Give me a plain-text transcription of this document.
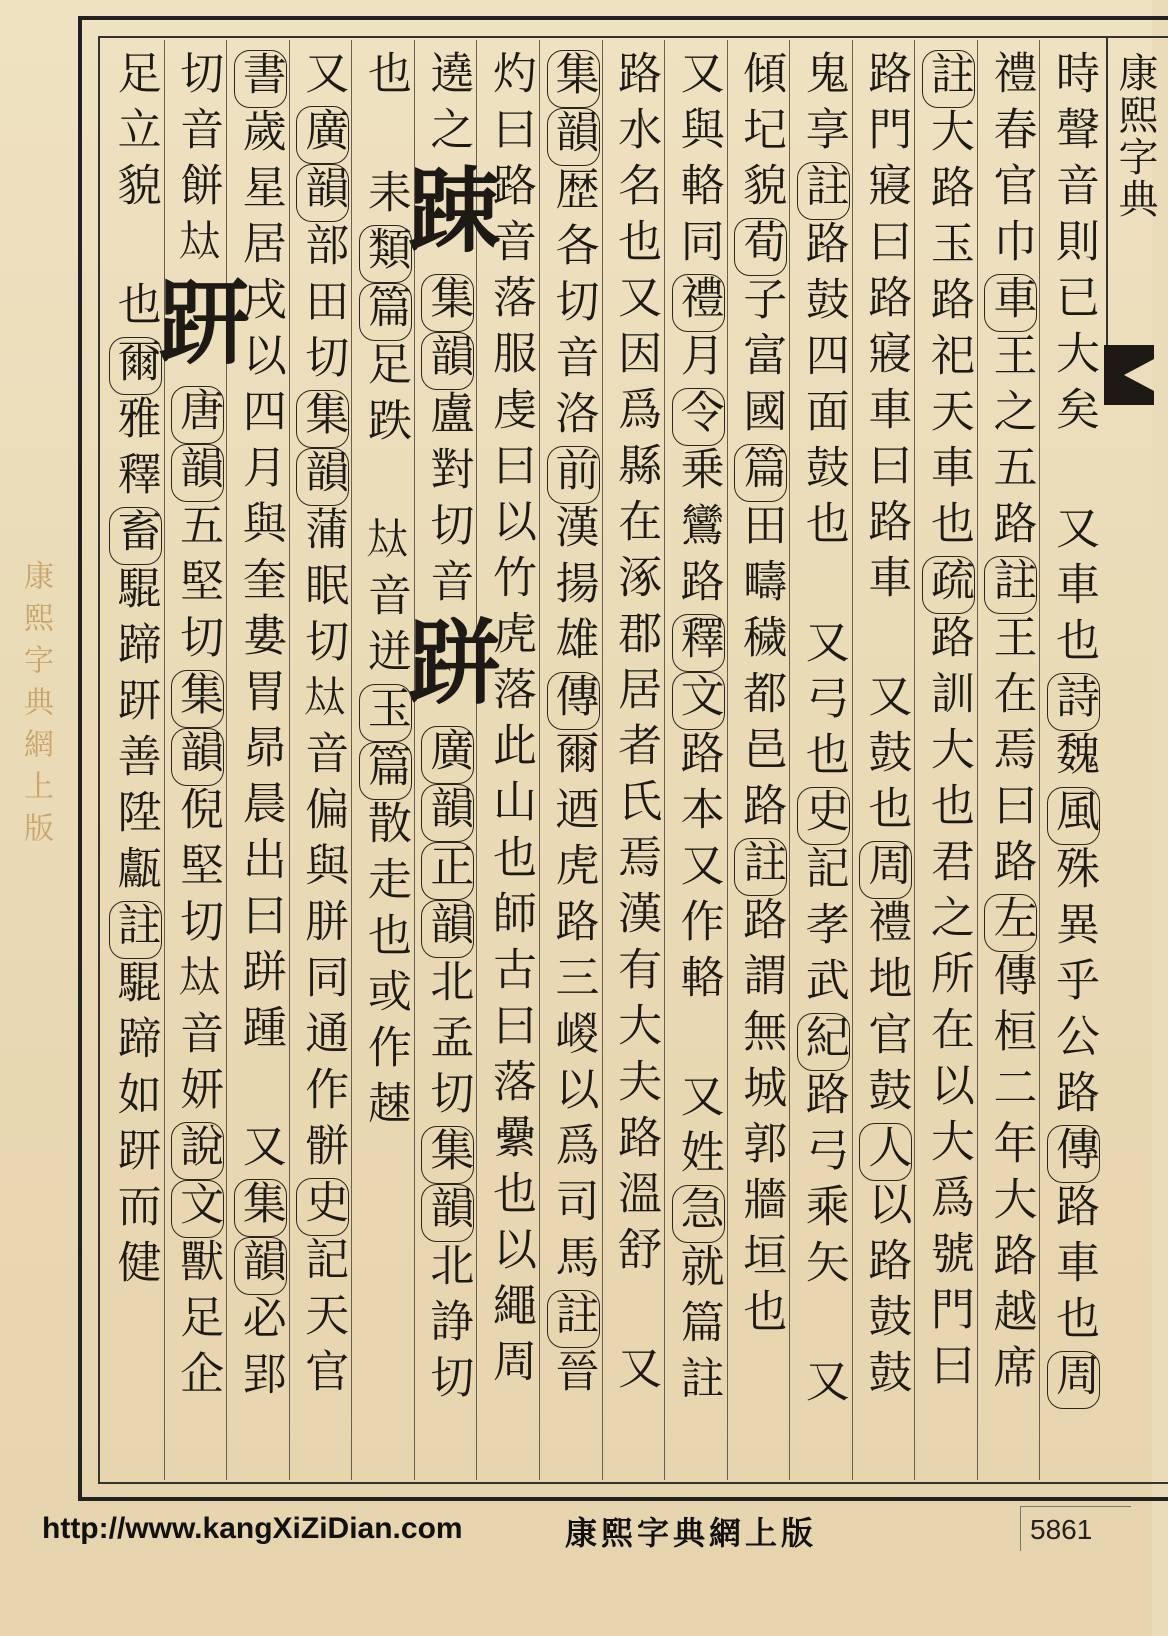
康熙字典
康熙字典網上版
時聲音則已大矣 又車也詩魏風殊異乎公路傳路車也周
禮春官巾車王之五路註王在焉曰路左傳桓二年大路越席
註大路玉路祀天車也疏路訓大也君之所在以大爲號門曰
路門寢曰路寢車曰路車 又鼓也周禮地官鼓人以路鼓鼓
鬼享註路鼓四面鼓也 又弓也史記孝武紀路弓乘矢 又
傾圮貌荀子富國篇田疇穢都邑路註路謂無城郭牆垣也
又與輅同禮月令乗鸞路釋文路本又作輅 又姓急就篇註
路水名也又因爲縣在涿郡居者氏焉漢有大夫路溫舒 又
集韻歴各切音洛前漢揚雄傳爾迺虎路三嵕以爲司馬註晉
灼曰路音落服虔曰以竹虎落此山也師古曰落纍也以繩周
遶之踈集韻盧對切音跰廣韻正韻北孟切集韻北諍切
也 耒類篇足跌 𡘋音迸玉篇散走也或作趚
又廣韻部田切集韻蒲眠切𡘋音偏與胼同通作骿史記天官
書歲星居戌以四月與奎婁胃昴晨出曰跰踵 又集韻必郢
切音餅𡘋趼唐韻五堅切集韻倪堅切𡘋音妍說文獸足企
足立貌 也爾雅釋畜騉蹄趼善陞甗註騉蹄如趼而健
http://www.kangXiZiDian.com	康熙字典網上版	5861
